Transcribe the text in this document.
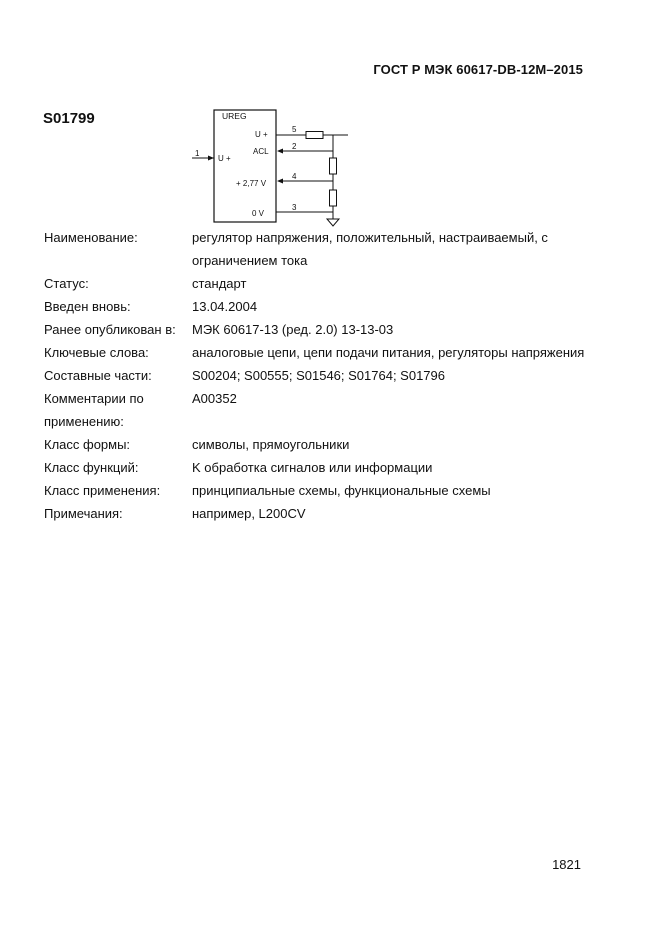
ГОСТ Р МЭК 60617-DB-12M–2015
S01799	UREG
1
U +
U +
ACL
+ 2,77 V
0 V
5
2
4
3
Наименование:	регулятор напряжения, положительный, настраиваемый, с
ограничением тока
Статус:	стандарт
Введен вновь:	13.04.2004
Ранее опубликован в:	МЭК 60617-13 (ред. 2.0) 13-13-03
Ключевые слова:	аналоговые цепи, цепи подачи питания, регуляторы напряжения
Составные части:	S00204; S00555; S01546; S01764; S01796
Комментарии по	A00352
применению:
Класс формы:	символы, прямоугольники
Класс функций:	K обработка сигналов или информации
Класс применения:	принципиальные схемы, функциональные схемы
Примечания:	например, L200CV
1821
